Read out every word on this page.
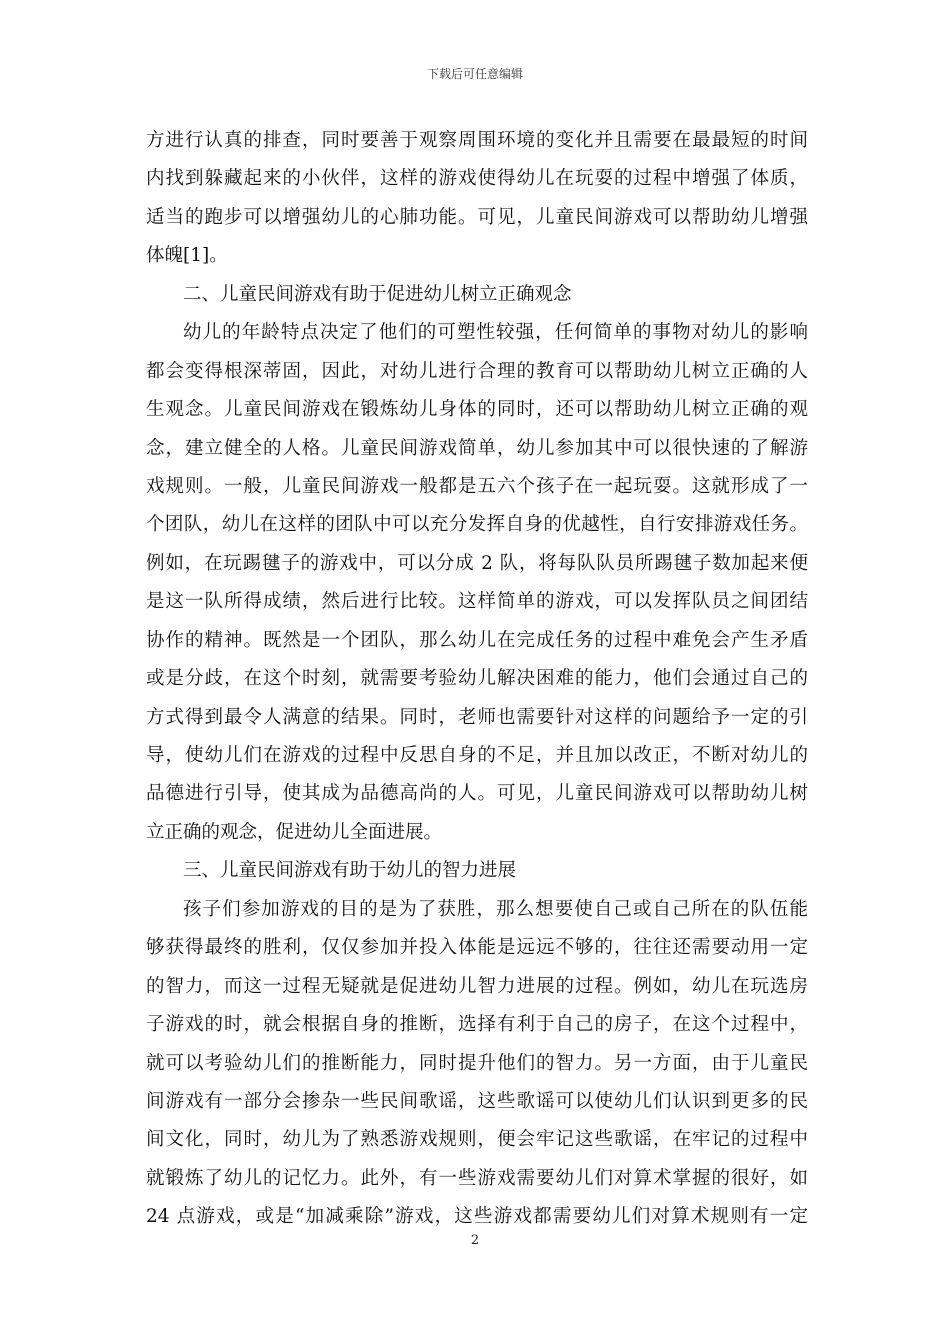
下载后可任意编辑
方进行认真的排查，同时要善于观察周围环境的变化并且需要在最最短的时间
内找到躲藏起来的小伙伴，这样的游戏使得幼儿在玩耍的过程中增强了体质，
适当的跑步可以增强幼儿的心肺功能。可见，儿童民间游戏可以帮助幼儿增强
体魄[1]。
二、儿童民间游戏有助于促进幼儿树立正确观念
幼儿的年龄特点决定了他们的可塑性较强，任何简单的事物对幼儿的影响
都会变得根深蒂固，因此，对幼儿进行合理的教育可以帮助幼儿树立正确的人
生观念。儿童民间游戏在锻炼幼儿身体的同时，还可以帮助幼儿树立正确的观
念，建立健全的人格。儿童民间游戏简单，幼儿参加其中可以很快速的了解游
戏规则。一般，儿童民间游戏一般都是五六个孩子在一起玩耍。这就形成了一
个团队，幼儿在这样的团队中可以充分发挥自身的优越性，自行安排游戏任务。
例如，在玩踢毽子的游戏中，可以分成 2 队，将每队队员所踢毽子数加起来便
是这一队所得成绩，然后进行比较。这样简单的游戏，可以发挥队员之间团结
协作的精神。既然是一个团队，那么幼儿在完成任务的过程中难免会产生矛盾
或是分歧，在这个时刻，就需要考验幼儿解决困难的能力，他们会通过自己的
方式得到最令人满意的结果。同时，老师也需要针对这样的问题给予一定的引
导，使幼儿们在游戏的过程中反思自身的不足，并且加以改正，不断对幼儿的
品德进行引导，使其成为品德高尚的人。可见，儿童民间游戏可以帮助幼儿树
立正确的观念，促进幼儿全面进展。
三、儿童民间游戏有助于幼儿的智力进展
孩子们参加游戏的目的是为了获胜，那么想要使自己或自己所在的队伍能
够获得最终的胜利，仅仅参加并投入体能是远远不够的，往往还需要动用一定
的智力，而这一过程无疑就是促进幼儿智力进展的过程。例如，幼儿在玩选房
子游戏的时，就会根据自身的推断，选择有利于自己的房子，在这个过程中，
就可以考验幼儿们的推断能力，同时提升他们的智力。另一方面，由于儿童民
间游戏有一部分会掺杂一些民间歌谣，这些歌谣可以使幼儿们认识到更多的民
间文化，同时，幼儿为了熟悉游戏规则，便会牢记这些歌谣，在牢记的过程中
就锻炼了幼儿的记忆力。此外，有一些游戏需要幼儿们对算术掌握的很好，如
24 点游戏，或是“加减乘除”游戏，这些游戏都需要幼儿们对算术规则有一定
2
